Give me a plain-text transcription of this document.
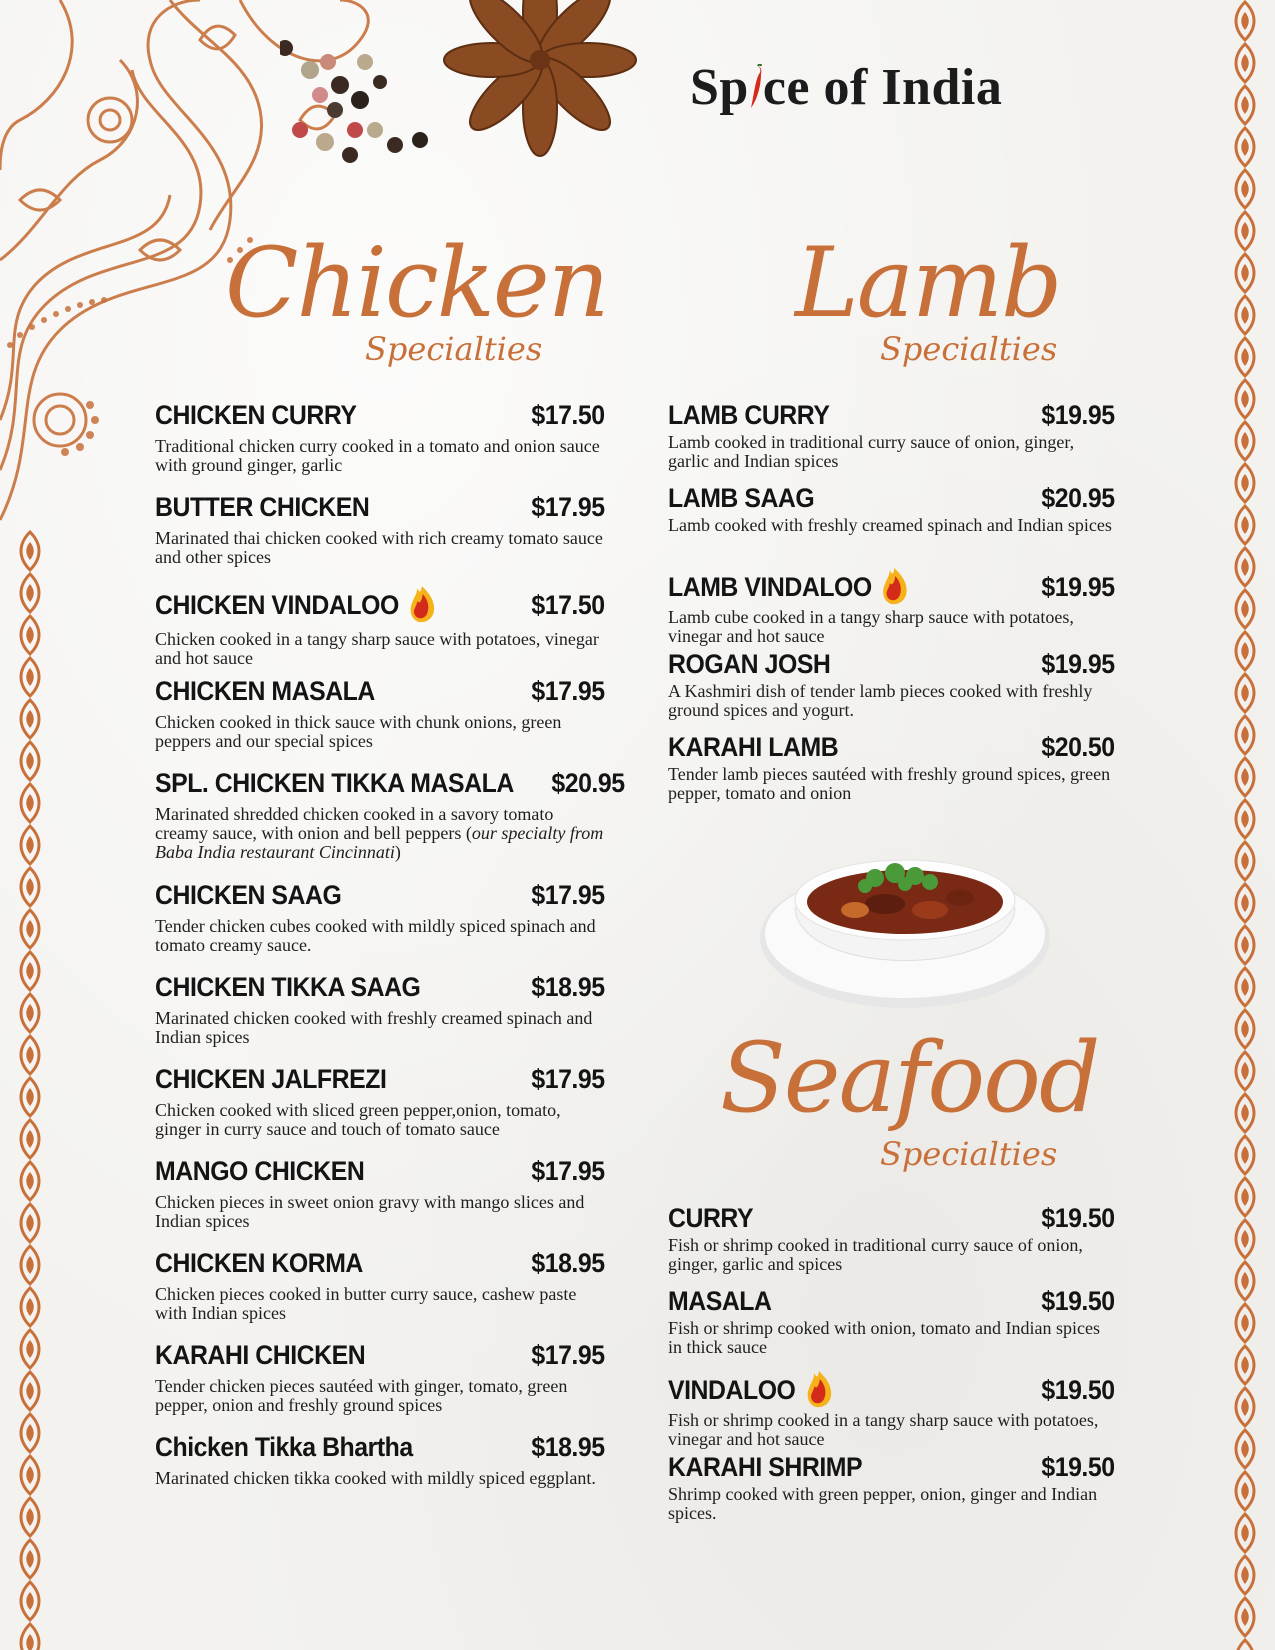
Sp ce of India
Chicken
Specialties
Lamb
Specialties
Seafood
Specialties
CHICKEN CURRY	$17.50
Traditional chicken curry cooked in a tomato and onion sauce with ground ginger, garlic
BUTTER CHICKEN	$17.95
Marinated thai chicken cooked with rich creamy tomato sauce and other spices
CHICKEN VINDALOO	$17.50
Chicken cooked in a tangy sharp sauce with potatoes, vinegar and hot sauce
CHICKEN MASALA	$17.95
Chicken cooked in thick sauce with chunk onions, green peppers and our special spices
SPL. CHICKEN TIKKA MASALA $20.95
Marinated shredded chicken cooked in a savory tomato creamy sauce, with onion and bell peppers (our specialty from Baba India restaurant Cincinnati)
CHICKEN SAAG	$17.95
Tender chicken cubes cooked with mildly spiced spinach and tomato creamy sauce.
CHICKEN TIKKA SAAG	$18.95
Marinated chicken cooked with freshly creamed spinach and Indian spices
CHICKEN JALFREZI	$17.95
Chicken cooked with sliced green pepper,onion, tomato, ginger in curry sauce and touch of tomato sauce
MANGO CHICKEN	$17.95
Chicken pieces in sweet onion gravy with mango slices and Indian spices
CHICKEN KORMA	$18.95
Chicken pieces cooked in butter curry sauce, cashew paste with Indian spices
KARAHI CHICKEN	$17.95
Tender chicken pieces sautéed with ginger, tomato, green pepper, onion and freshly ground spices
Chicken Tikka Bhartha	$18.95
Marinated chicken tikka cooked with mildly spiced eggplant.
LAMB CURRY	$19.95
Lamb cooked in traditional curry sauce of onion, ginger, garlic and Indian spices
LAMB SAAG	$20.95
Lamb cooked with freshly creamed spinach and Indian spices
LAMB VINDALOO	$19.95
Lamb cube cooked in a tangy sharp sauce with potatoes, vinegar and hot sauce
ROGAN JOSH	$19.95
A Kashmiri dish of tender lamb pieces cooked with freshly ground spices and yogurt.
KARAHI LAMB	$20.50
Tender lamb pieces sautéed with freshly ground spices, green pepper, tomato and onion
CURRY	$19.50
Fish or shrimp cooked in traditional curry sauce of onion, ginger, garlic and spices
MASALA	$19.50
Fish or shrimp cooked with onion, tomato and Indian spices in thick sauce
VINDALOO	$19.50
Fish or shrimp cooked in a tangy sharp sauce with potatoes, vinegar and hot sauce
KARAHI SHRIMP	$19.50
Shrimp cooked with green pepper, onion, ginger and Indian spices.
